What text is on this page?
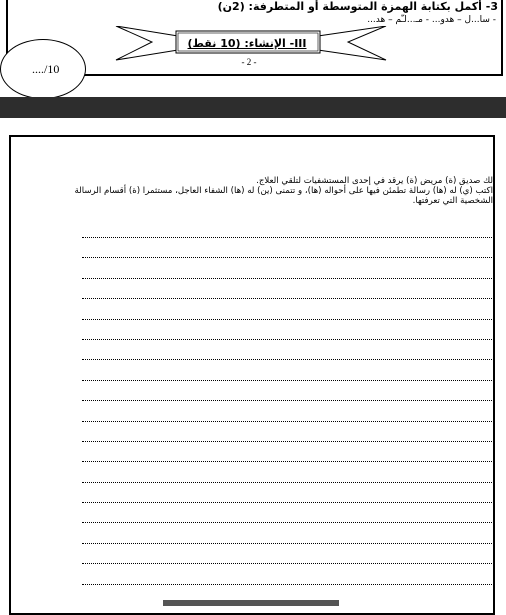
3- أكمل بكتابة الهمزة المتوسطة أو المتطرفة: (2ن)
- سا...ل – هدو... - مـ...لـّم – هد...
III- الإنشاء: (10 نقط)
- 2 -
..../10
لك صديق (ة) مريض (ة) يرقد في إحدى المستشفيات لتلقي العلاج.
اكتب (ي) له (ها) رسالة تطمئن فيها على أحواله (ها)، و تتمنى (ين) له (ها) الشفاء العاجل، مستثمرا (ة) أقسام الرسالة
الشخصية التي تعرفتها.
